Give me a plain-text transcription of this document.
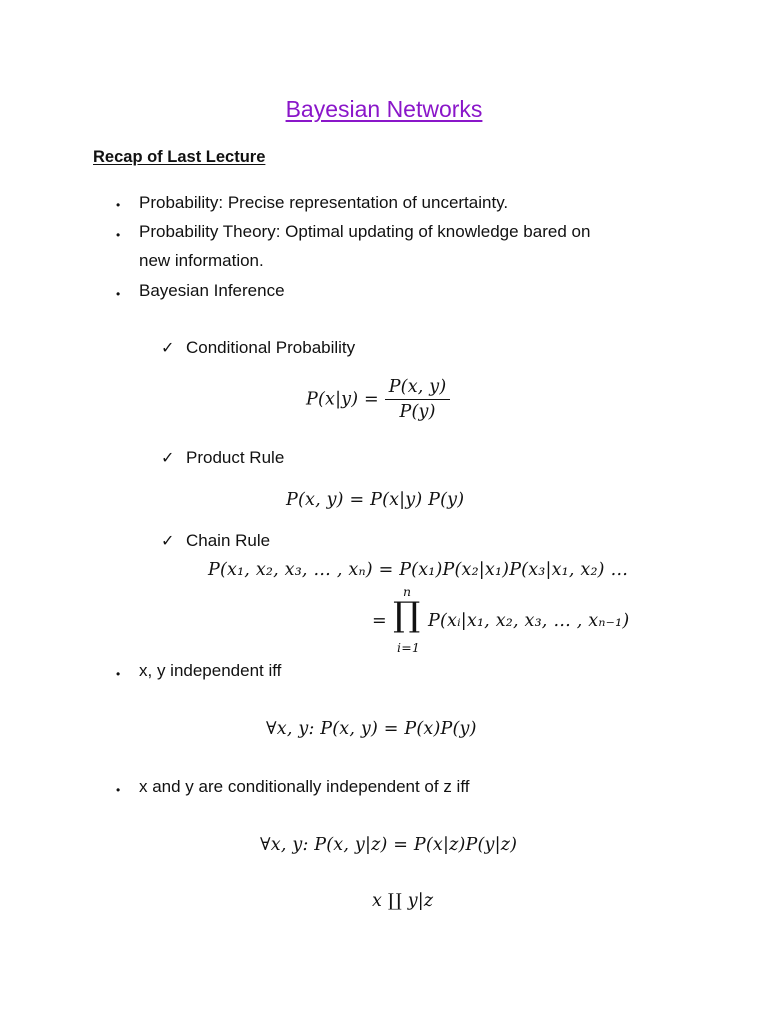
Bayesian Networks
Recap of Last Lecture
• Probability: Precise representation of uncertainty.
• Probability Theory: Optimal updating of knowledge bared on
new information.
• Bayesian Inference
✓ Conditional Probability
$P(x|y) = \frac{P(x, y)}{P(y)}$
✓ Product Rule
P(x, y) = P(x|y) P(y)
✓ Chain Rule
P(x₁, x₂, x₃, … , xₙ) = P(x₁)P(x₂|x₁)P(x₃|x₁, x₂) …
=
n
∏
i=1
P(xᵢ|x₁, x₂, x₃, … , xₙ₋₁)
• x, y independent iff
∀x, y: P(x, y) = P(x)P(y)
• x and y are conditionally independent of z iff
∀x, y: P(x, y|z) = P(x|z)P(y|z)
x ∐ y|z
